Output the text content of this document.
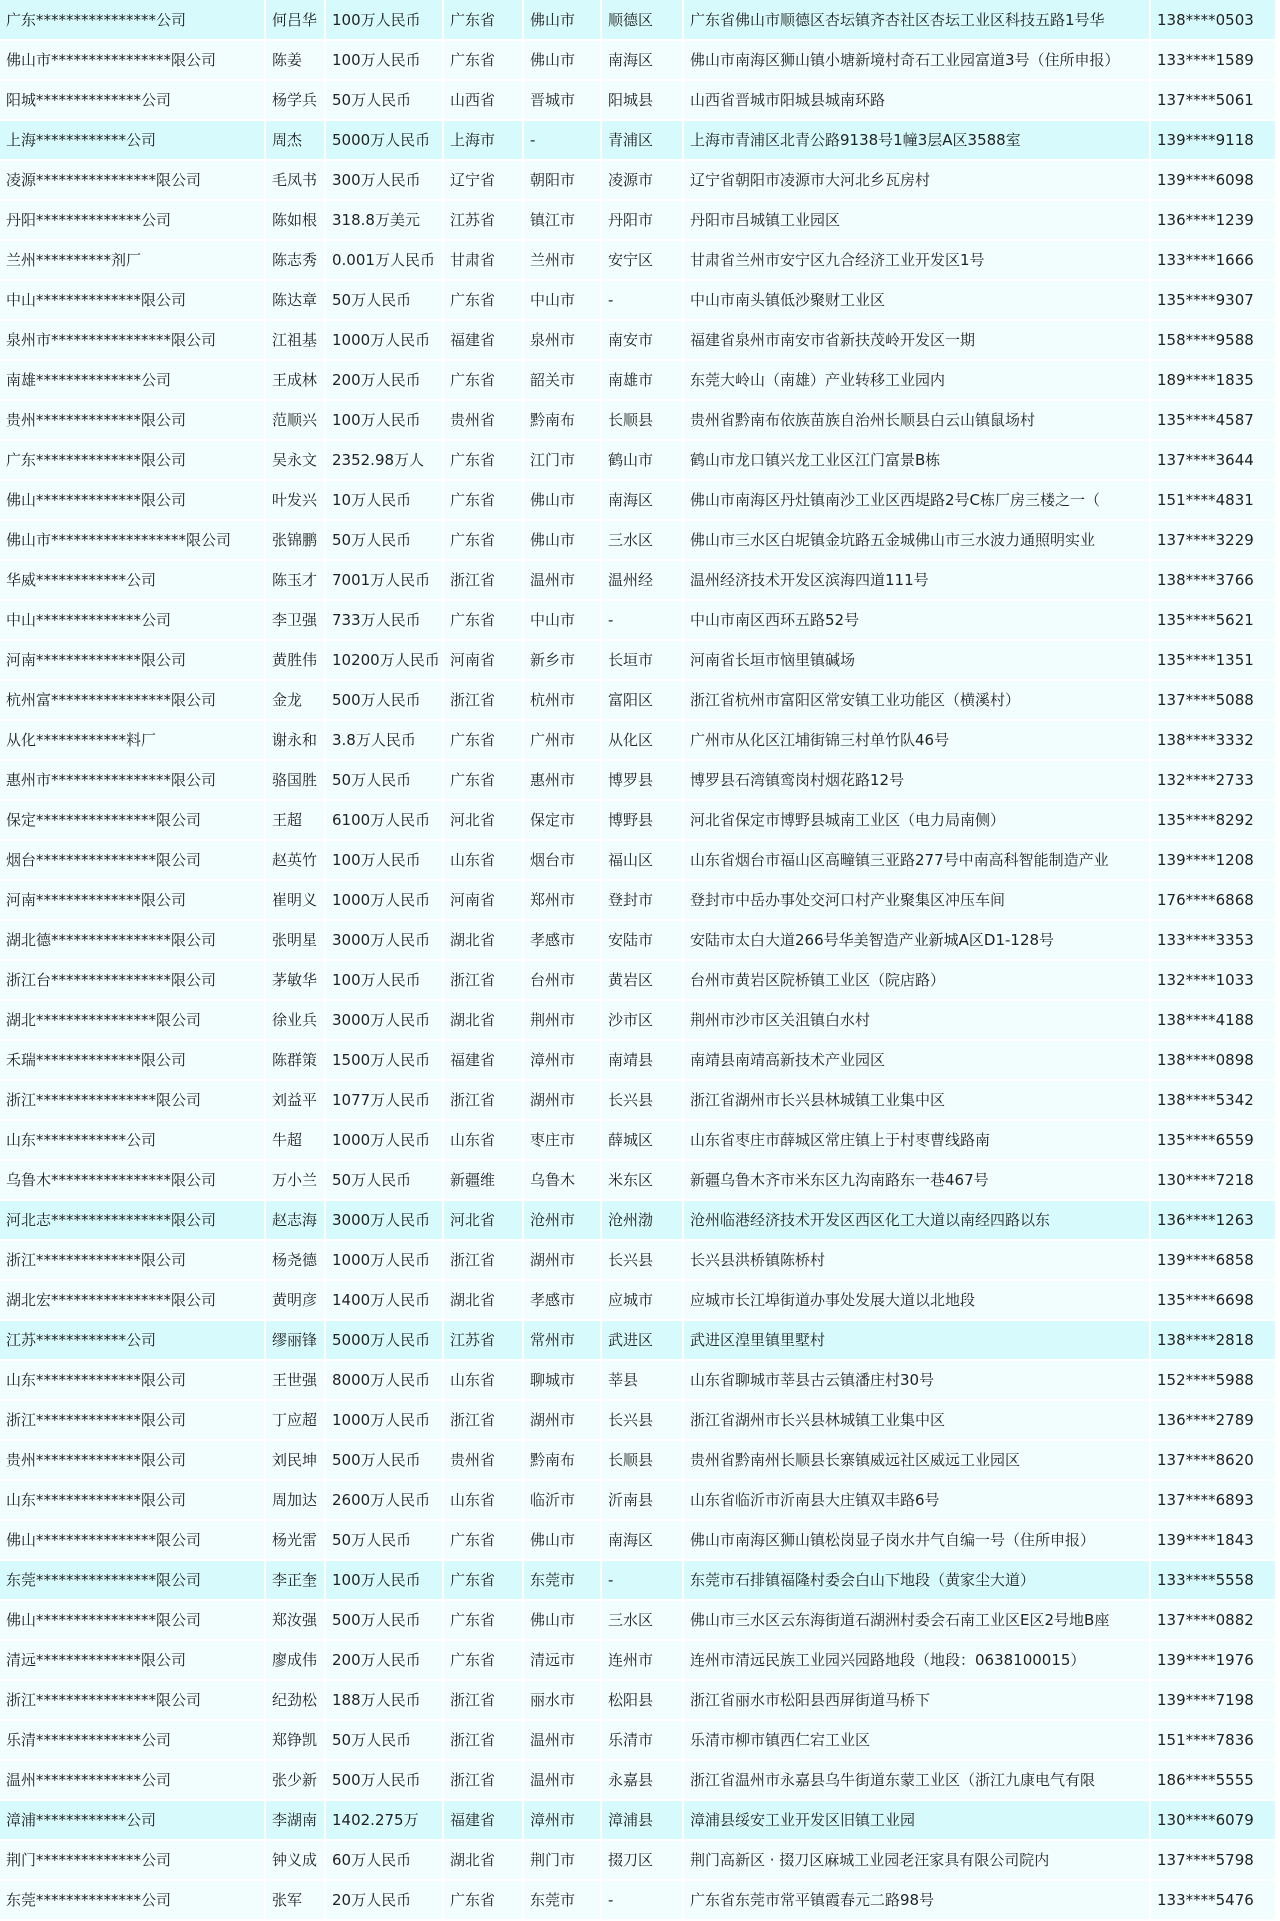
广东****************公司	何吕华	100万人民币	广东省	佛山市	顺德区	广东省佛山市顺德区杏坛镇齐杏社区杏坛工业区科技五路1号华	138****0503
佛山市****************限公司	陈姜	100万人民币	广东省	佛山市	南海区	佛山市南海区狮山镇小塘新境村奇石工业园富道3号（住所申报）	133****1589
阳城**************公司	杨学兵	50万人民币	山西省	晋城市	阳城县	山西省晋城市阳城县城南环路	137****5061
上海************公司	周杰	5000万人民币	上海市	-	青浦区	上海市青浦区北青公路9138号1幢3层A区3588室	139****9118
凌源****************限公司	毛凤书	300万人民币	辽宁省	朝阳市	凌源市	辽宁省朝阳市凌源市大河北乡瓦房村	139****6098
丹阳**************公司	陈如根	318.8万美元	江苏省	镇江市	丹阳市	丹阳市吕城镇工业园区	136****1239
兰州**********剂厂	陈志秀	0.001万人民币	甘肃省	兰州市	安宁区	甘肃省兰州市安宁区九合经济工业开发区1号	133****1666
中山**************限公司	陈达章	50万人民币	广东省	中山市	-	中山市南头镇低沙聚财工业区	135****9307
泉州市****************限公司	江祖基	1000万人民币	福建省	泉州市	南安市	福建省泉州市南安市省新扶茂岭开发区一期	158****9588
南雄**************公司	王成林	200万人民币	广东省	韶关市	南雄市	东莞大岭山（南雄）产业转移工业园内	189****1835
贵州**************限公司	范顺兴	100万人民币	贵州省	黔南布	长顺县	贵州省黔南布依族苗族自治州长顺县白云山镇鼠场村	135****4587
广东**************限公司	吴永文	2352.98万人	广东省	江门市	鹤山市	鹤山市龙口镇兴龙工业区江门富景B栋	137****3644
佛山**************限公司	叶发兴	10万人民币	广东省	佛山市	南海区	佛山市南海区丹灶镇南沙工业区西堤路2号C栋厂房三楼之一（	151****4831
佛山市******************限公司	张锦鹏	50万人民币	广东省	佛山市	三水区	佛山市三水区白坭镇金坑路五金城佛山市三水波力通照明实业	137****3229
华威************公司	陈玉才	7001万人民币	浙江省	温州市	温州经	温州经济技术开发区滨海四道111号	138****3766
中山**************公司	李卫强	733万人民币	广东省	中山市	-	中山市南区西环五路52号	135****5621
河南**************限公司	黄胜伟	10200万人民币	河南省	新乡市	长垣市	河南省长垣市恼里镇碱场	135****1351
杭州富****************限公司	金龙	500万人民币	浙江省	杭州市	富阳区	浙江省杭州市富阳区常安镇工业功能区（横溪村）	137****5088
从化************料厂	谢永和	3.8万人民币	广东省	广州市	从化区	广州市从化区江埔街锦三村单竹队46号	138****3332
惠州市****************限公司	骆国胜	50万人民币	广东省	惠州市	博罗县	博罗县石湾镇鸾岗村烟花路12号	132****2733
保定****************限公司	王超	6100万人民币	河北省	保定市	博野县	河北省保定市博野县城南工业区（电力局南侧）	135****8292
烟台****************限公司	赵英竹	100万人民币	山东省	烟台市	福山区	山东省烟台市福山区高疃镇三亚路277号中南高科智能制造产业	139****1208
河南**************限公司	崔明义	1000万人民币	河南省	郑州市	登封市	登封市中岳办事处交河口村产业聚集区冲压车间	176****6868
湖北德****************限公司	张明星	3000万人民币	湖北省	孝感市	安陆市	安陆市太白大道266号华美智造产业新城A区D1-128号	133****3353
浙江台****************限公司	茅敏华	100万人民币	浙江省	台州市	黄岩区	台州市黄岩区院桥镇工业区（院店路）	132****1033
湖北****************限公司	徐业兵	3000万人民币	湖北省	荆州市	沙市区	荆州市沙市区关沮镇白水村	138****4188
禾瑞**************限公司	陈群策	1500万人民币	福建省	漳州市	南靖县	南靖县南靖高新技术产业园区	138****0898
浙江****************限公司	刘益平	1077万人民币	浙江省	湖州市	长兴县	浙江省湖州市长兴县林城镇工业集中区	138****5342
山东************公司	牛超	1000万人民币	山东省	枣庄市	薛城区	山东省枣庄市薛城区常庄镇上于村枣曹线路南	135****6559
乌鲁木****************限公司	万小兰	50万人民币	新疆维	乌鲁木	米东区	新疆乌鲁木齐市米东区九沟南路东一巷467号	130****7218
河北志****************限公司	赵志海	3000万人民币	河北省	沧州市	沧州渤	沧州临港经济技术开发区西区化工大道以南经四路以东	136****1263
浙江**************限公司	杨尧德	1000万人民币	浙江省	湖州市	长兴县	长兴县洪桥镇陈桥村	139****6858
湖北宏****************限公司	黄明彦	1400万人民币	湖北省	孝感市	应城市	应城市长江埠街道办事处发展大道以北地段	135****6698
江苏************公司	缪丽锋	5000万人民币	江苏省	常州市	武进区	武进区湟里镇里墅村	138****2818
山东**************限公司	王世强	8000万人民币	山东省	聊城市	莘县	山东省聊城市莘县古云镇潘庄村30号	152****5988
浙江**************限公司	丁应超	1000万人民币	浙江省	湖州市	长兴县	浙江省湖州市长兴县林城镇工业集中区	136****2789
贵州**************限公司	刘民坤	500万人民币	贵州省	黔南布	长顺县	贵州省黔南州长顺县长寨镇威远社区威远工业园区	137****8620
山东**************限公司	周加达	2600万人民币	山东省	临沂市	沂南县	山东省临沂市沂南县大庄镇双丰路6号	137****6893
佛山****************限公司	杨光雷	50万人民币	广东省	佛山市	南海区	佛山市南海区狮山镇松岗显子岗水井气自编一号（住所申报）	139****1843
东莞****************限公司	李正奎	100万人民币	广东省	东莞市	-	东莞市石排镇福隆村委会白山下地段（黄家尘大道）	133****5558
佛山****************限公司	郑汝强	500万人民币	广东省	佛山市	三水区	佛山市三水区云东海街道石湖洲村委会石南工业区E区2号地B座	137****0882
清远**************限公司	廖成伟	200万人民币	广东省	清远市	连州市	连州市清远民族工业园兴园路地段（地段：0638100015）	139****1976
浙江****************限公司	纪劲松	188万人民币	浙江省	丽水市	松阳县	浙江省丽水市松阳县西屏街道马桥下	139****7198
乐清**************公司	郑铮凯	50万人民币	浙江省	温州市	乐清市	乐清市柳市镇西仁宕工业区	151****7836
温州**************公司	张少新	500万人民币	浙江省	温州市	永嘉县	浙江省温州市永嘉县乌牛街道东蒙工业区（浙江九康电气有限	186****5555
漳浦************公司	李湖南	1402.275万	福建省	漳州市	漳浦县	漳浦县绥安工业开发区旧镇工业园	130****6079
荆门**************公司	钟义成	60万人民币	湖北省	荆门市	掇刀区	荆门高新区 · 掇刀区麻城工业园老汪家具有限公司院内	137****5798
东莞**************公司	张军	20万人民币	广东省	东莞市	-	广东省东莞市常平镇霞春元二路98号	133****5476
